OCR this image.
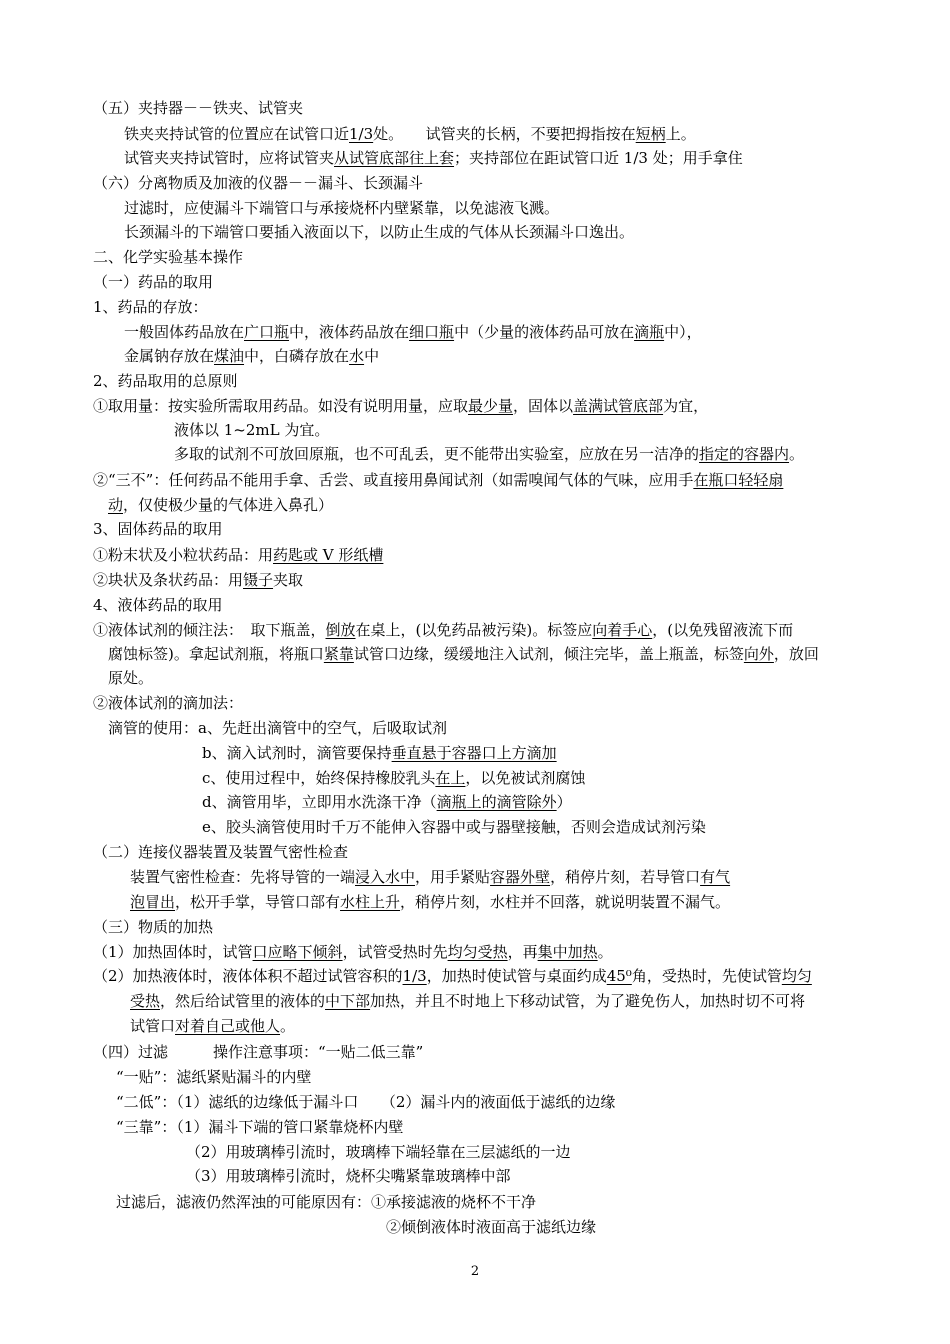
（五）夹持器－－铁夹、试管夹
铁夹夹持试管的位置应在试管口近1/3处。　　试管夹的长柄，不要把拇指按在短柄上。
试管夹夹持试管时，应将试管夹从试管底部往上套；夹持部位在距试管口近 1/3 处；用手拿住
（六）分离物质及加液的仪器－－漏斗、长颈漏斗
过滤时，应使漏斗下端管口与承接烧杯内壁紧靠，以免滤液飞溅。
长颈漏斗的下端管口要插入液面以下，以防止生成的气体从长颈漏斗口逸出。
二、化学实验基本操作
（一）药品的取用
1、药品的存放：
一般固体药品放在广口瓶中，液体药品放在细口瓶中（少量的液体药品可放在滴瓶中），
金属钠存放在煤油中，白磷存放在水中
2、药品取用的总原则
①取用量：按实验所需取用药品。如没有说明用量，应取最少量，固体以盖满试管底部为宜，
液体以 1~2mL 为宜。
多取的试剂不可放回原瓶，也不可乱丢，更不能带出实验室，应放在另一洁净的指定的容器内。
②“三不”：任何药品不能用手拿、舌尝、或直接用鼻闻试剂（如需嗅闻气体的气味，应用手在瓶口轻轻扇
动，仅使极少量的气体进入鼻孔）
3、固体药品的取用
①粉末状及小粒状药品：用药匙或 V 形纸槽
②块状及条状药品：用镊子夹取
4、液体药品的取用
①液体试剂的倾注法：　取下瓶盖，倒放在桌上，(以免药品被污染)。标签应向着手心，(以免残留液流下而
腐蚀标签)。拿起试剂瓶，将瓶口紧靠试管口边缘，缓缓地注入试剂，倾注完毕，盖上瓶盖，标签向外，放回
原处。
②液体试剂的滴加法：
滴管的使用：a、先赶出滴管中的空气，后吸取试剂
b、滴入试剂时，滴管要保持垂直悬于容器口上方滴加
c、使用过程中，始终保持橡胶乳头在上，以免被试剂腐蚀
d、滴管用毕，立即用水洗涤干净（滴瓶上的滴管除外）
e、胶头滴管使用时千万不能伸入容器中或与器壁接触，否则会造成试剂污染
（二）连接仪器装置及装置气密性检查
装置气密性检查：先将导管的一端浸入水中，用手紧贴容器外壁，稍停片刻，若导管口有气
泡冒出，松开手掌，导管口部有水柱上升，稍停片刻，水柱并不回落，就说明装置不漏气。
（三）物质的加热
（1）加热固体时，试管口应略下倾斜，试管受热时先均匀受热，再集中加热。
（2）加热液体时，液体体积不超过试管容积的1/3，加热时使试管与桌面约成45⁰角，受热时，先使试管均匀
受热，然后给试管里的液体的中下部加热，并且不时地上下移动试管，为了避免伤人，加热时切不可将
试管口对着自己或他人。
（四）过滤　　　操作注意事项：“一贴二低三靠”
“一贴”：滤纸紧贴漏斗的内壁
“二低”：（1）滤纸的边缘低于漏斗口　　（2）漏斗内的液面低于滤纸的边缘
“三靠”：（1）漏斗下端的管口紧靠烧杯内壁
（2）用玻璃棒引流时，玻璃棒下端轻靠在三层滤纸的一边
（3）用玻璃棒引流时，烧杯尖嘴紧靠玻璃棒中部
过滤后，滤液仍然浑浊的可能原因有：①承接滤液的烧杯不干净
②倾倒液体时液面高于滤纸边缘
2
